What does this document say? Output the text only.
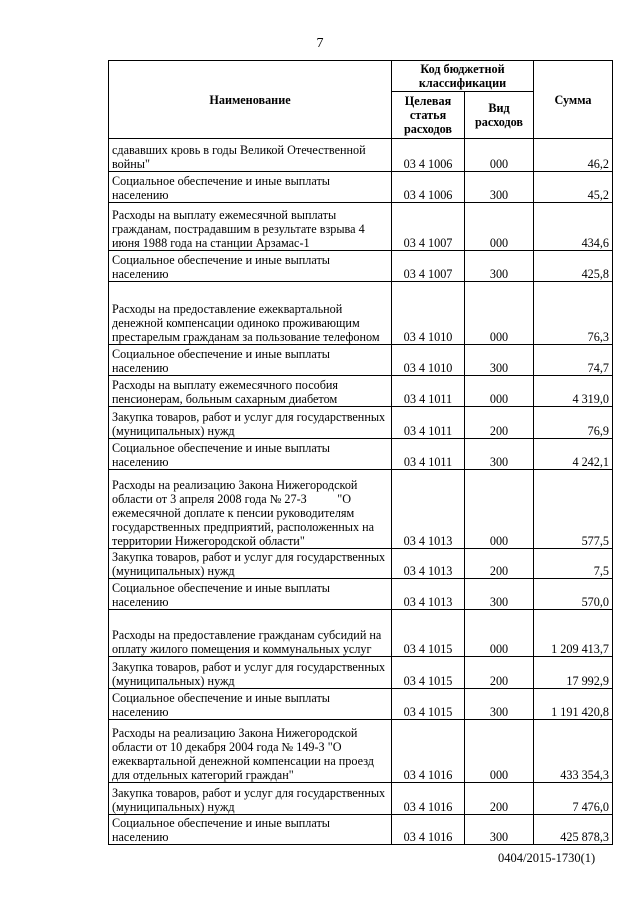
7
Наименование	Код бюджетной классификации		Сумма
	Целевая статья расходов	Вид расходов	
сдававших кровь в годы Великой Отечественной войны"	03 4 1006	000	46,2
Социальное обеспечение и иные выплаты населению	03 4 1006	300	45,2
Расходы на выплату ежемесячной выплаты гражданам, пострадавшим в результате взрыва 4 июня 1988 года на станции Арзамас-1	03 4 1007	000	434,6
Социальное обеспечение и иные выплаты населению	03 4 1007	300	425,8
Расходы на предоставление ежеквартальной денежной компенсации одиноко проживающим престарелым гражданам за пользование телефоном	03 4 1010	000	76,3
Социальное обеспечение и иные выплаты населению	03 4 1010	300	74,7
Расходы на выплату ежемесячного пособия пенсионерам, больным сахарным диабетом	03 4 1011	000	4 319,0
Закупка товаров, работ и услуг для государственных (муниципальных) нужд	03 4 1011	200	76,9
Социальное обеспечение и иные выплаты населению	03 4 1011	300	4 242,1
Расходы на реализацию Закона Нижегородской области от 3 апреля 2008 года № 27-З          "О ежемесячной доплате к пенсии руководителям государственных предприятий, расположенных на территории Нижегородской области"	03 4 1013	000	577,5
Закупка товаров, работ и услуг для государственных (муниципальных) нужд	03 4 1013	200	7,5
Социальное обеспечение и иные выплаты населению	03 4 1013	300	570,0
Расходы на предоставление гражданам субсидий на оплату жилого помещения и коммунальных услуг	03 4 1015	000	1 209 413,7
Закупка товаров, работ и услуг для государственных (муниципальных) нужд	03 4 1015	200	17 992,9
Социальное обеспечение и иные выплаты населению	03 4 1015	300	1 191 420,8
Расходы на реализацию Закона Нижегородской области от 10 декабря 2004 года № 149-З "О ежеквартальной денежной компенсации на проезд для отдельных категорий граждан"	03 4 1016	000	433 354,3
Закупка товаров, работ и услуг для государственных (муниципальных) нужд	03 4 1016	200	7 476,0
Социальное обеспечение и иные выплаты населению	03 4 1016	300	425 878,3
0404/2015-1730(1)
